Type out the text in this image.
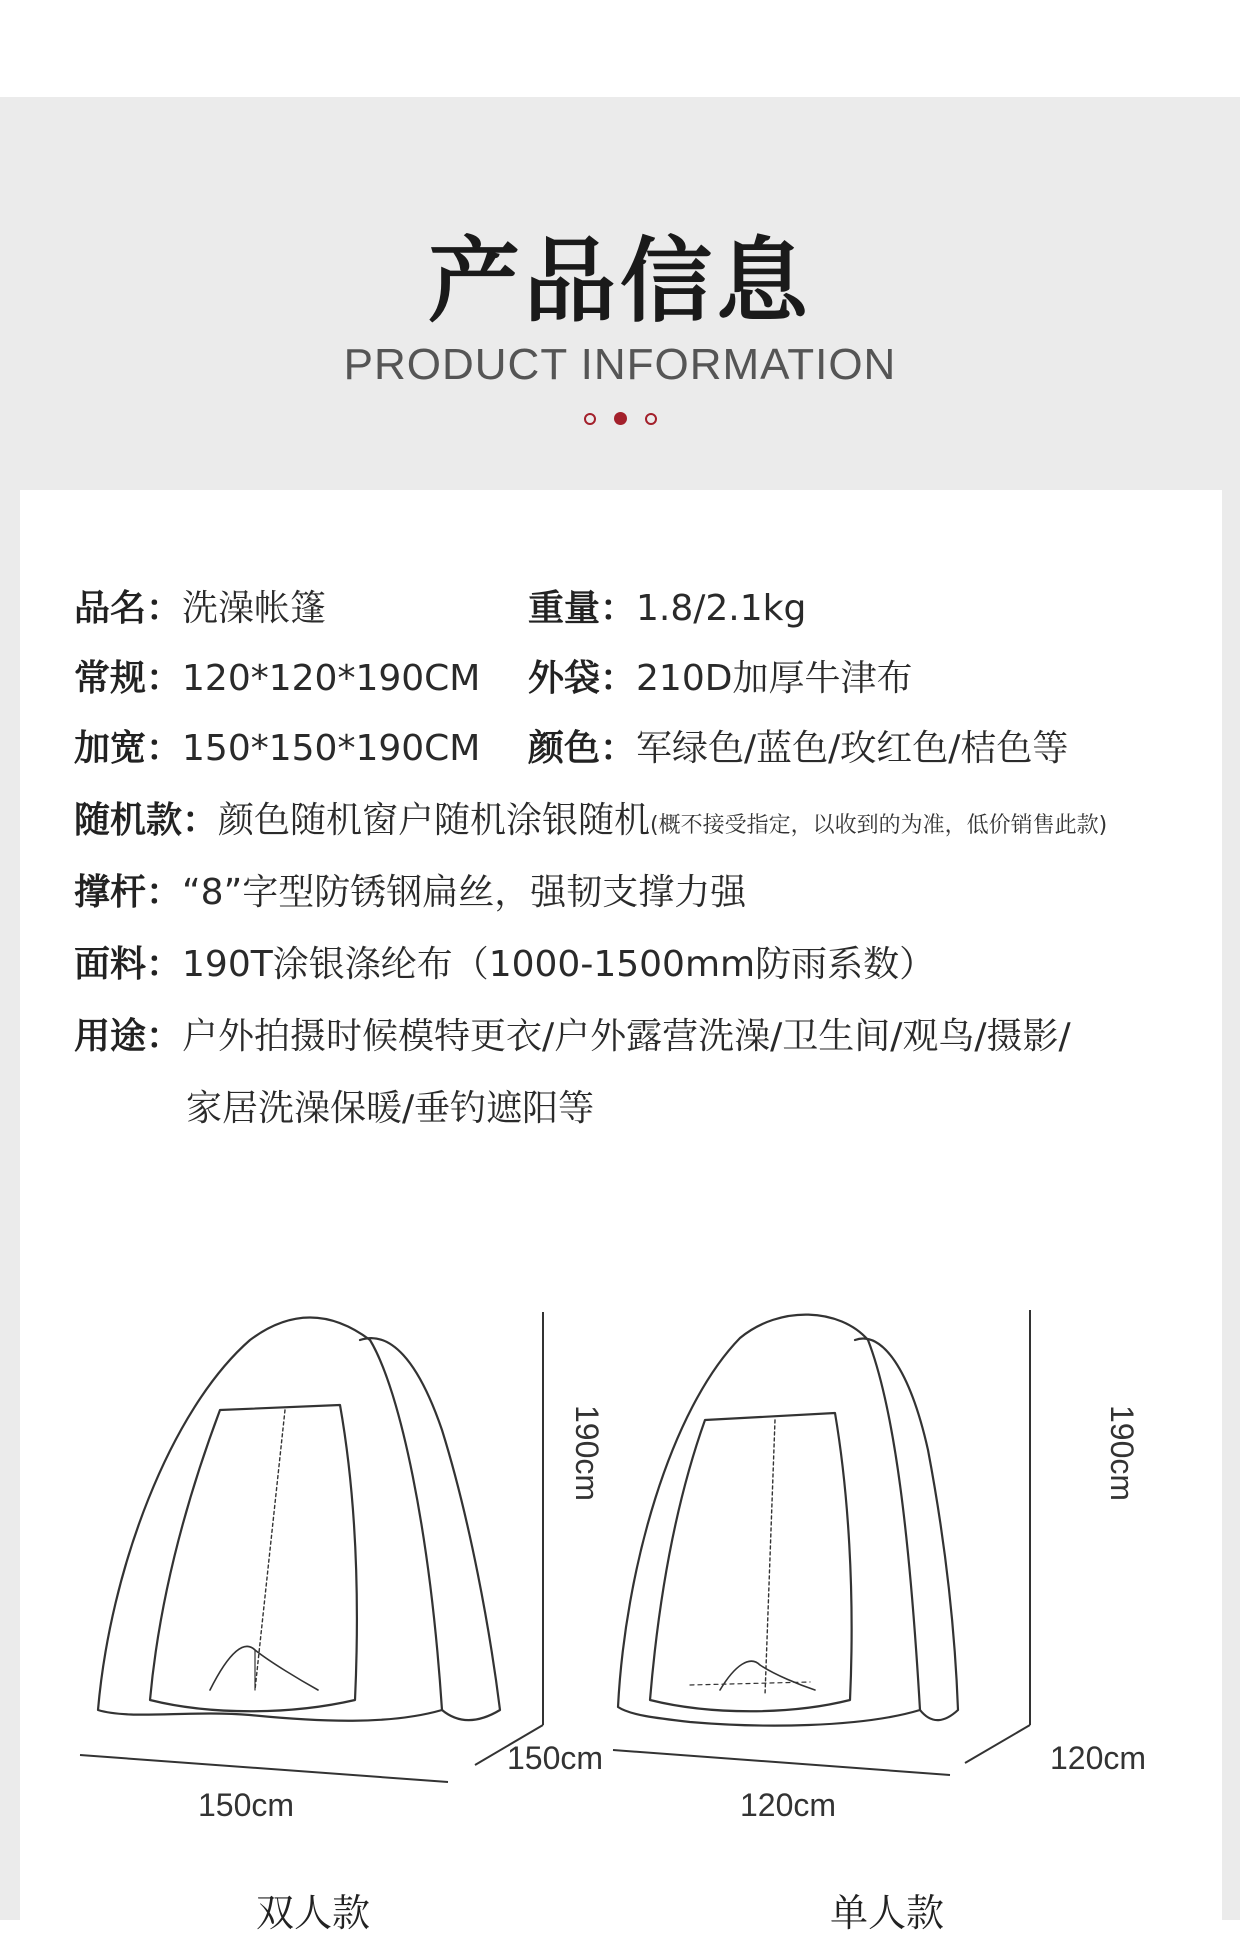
产品信息
PRODUCT INFORMATION
品名：洗澡帐篷	重量：1.8/2.1kg
常规：120*120*190CM 外袋：210D加厚牛津布
加宽：150*150*190CM 颜色：军绿色/蓝色/玫红色/桔色等
随机款：颜色随机窗户随机涂银随机(概不接受指定，以收到的为准，低价销售此款)
撑杆：“8”字型防锈钢扁丝，强韧支撑力强
面料：190T涂银涤纶布（1000-1500mm防雨系数）
用途：户外拍摄时候模特更衣/户外露营洗澡/卫生间/观鸟/摄影/
家居洗澡保暖/垂钓遮阳等
190cm
150cm
150cm
双人款
190cm
120cm
120cm
单人款
